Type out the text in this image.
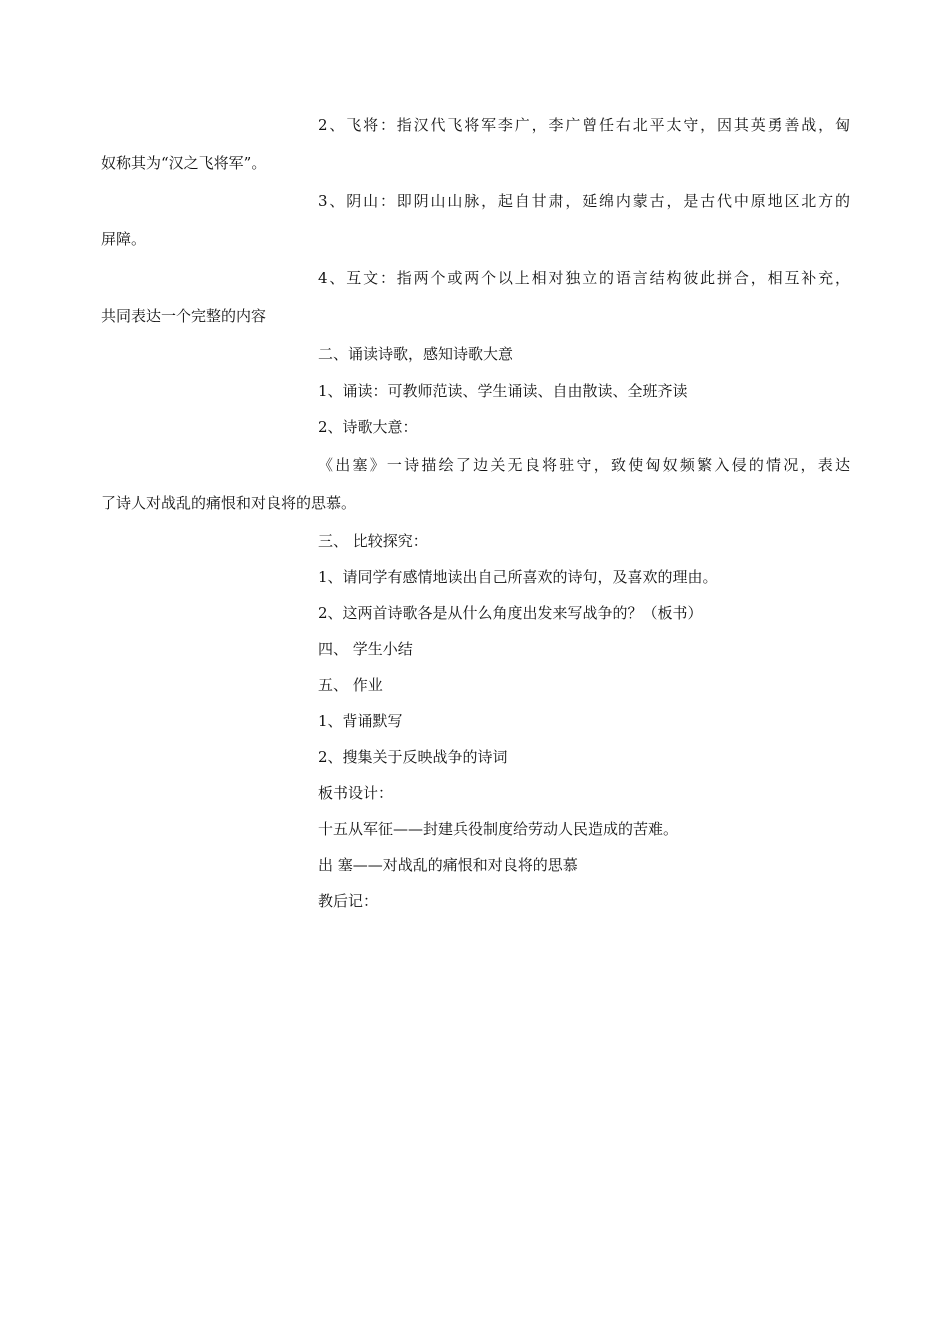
2、飞将：指汉代飞将军李广，李广曾任右北平太守，因其英勇善战，匈
奴称其为“汉之飞将军”。
3、阴山：即阴山山脉，起自甘肃，延绵内蒙古，是古代中原地区北方的
屏障。
4、互文：指两个或两个以上相对独立的语言结构彼此拼合，相互补充，
共同表达一个完整的内容
二、诵读诗歌，感知诗歌大意
1、诵读：可教师范读、学生诵读、自由散读、全班齐读
2、诗歌大意：
《出塞》一诗描绘了边关无良将驻守，致使匈奴频繁入侵的情况，表达
了诗人对战乱的痛恨和对良将的思慕。
三、 比较探究：
1、请同学有感情地读出自己所喜欢的诗句，及喜欢的理由。
2、这两首诗歌各是从什么角度出发来写战争的？（板书）
四、 学生小结
五、 作业
1、背诵默写
2、搜集关于反映战争的诗词
板书设计：
十五从军征——封建兵役制度给劳动人民造成的苦难。
出 塞——对战乱的痛恨和对良将的思慕
教后记：
